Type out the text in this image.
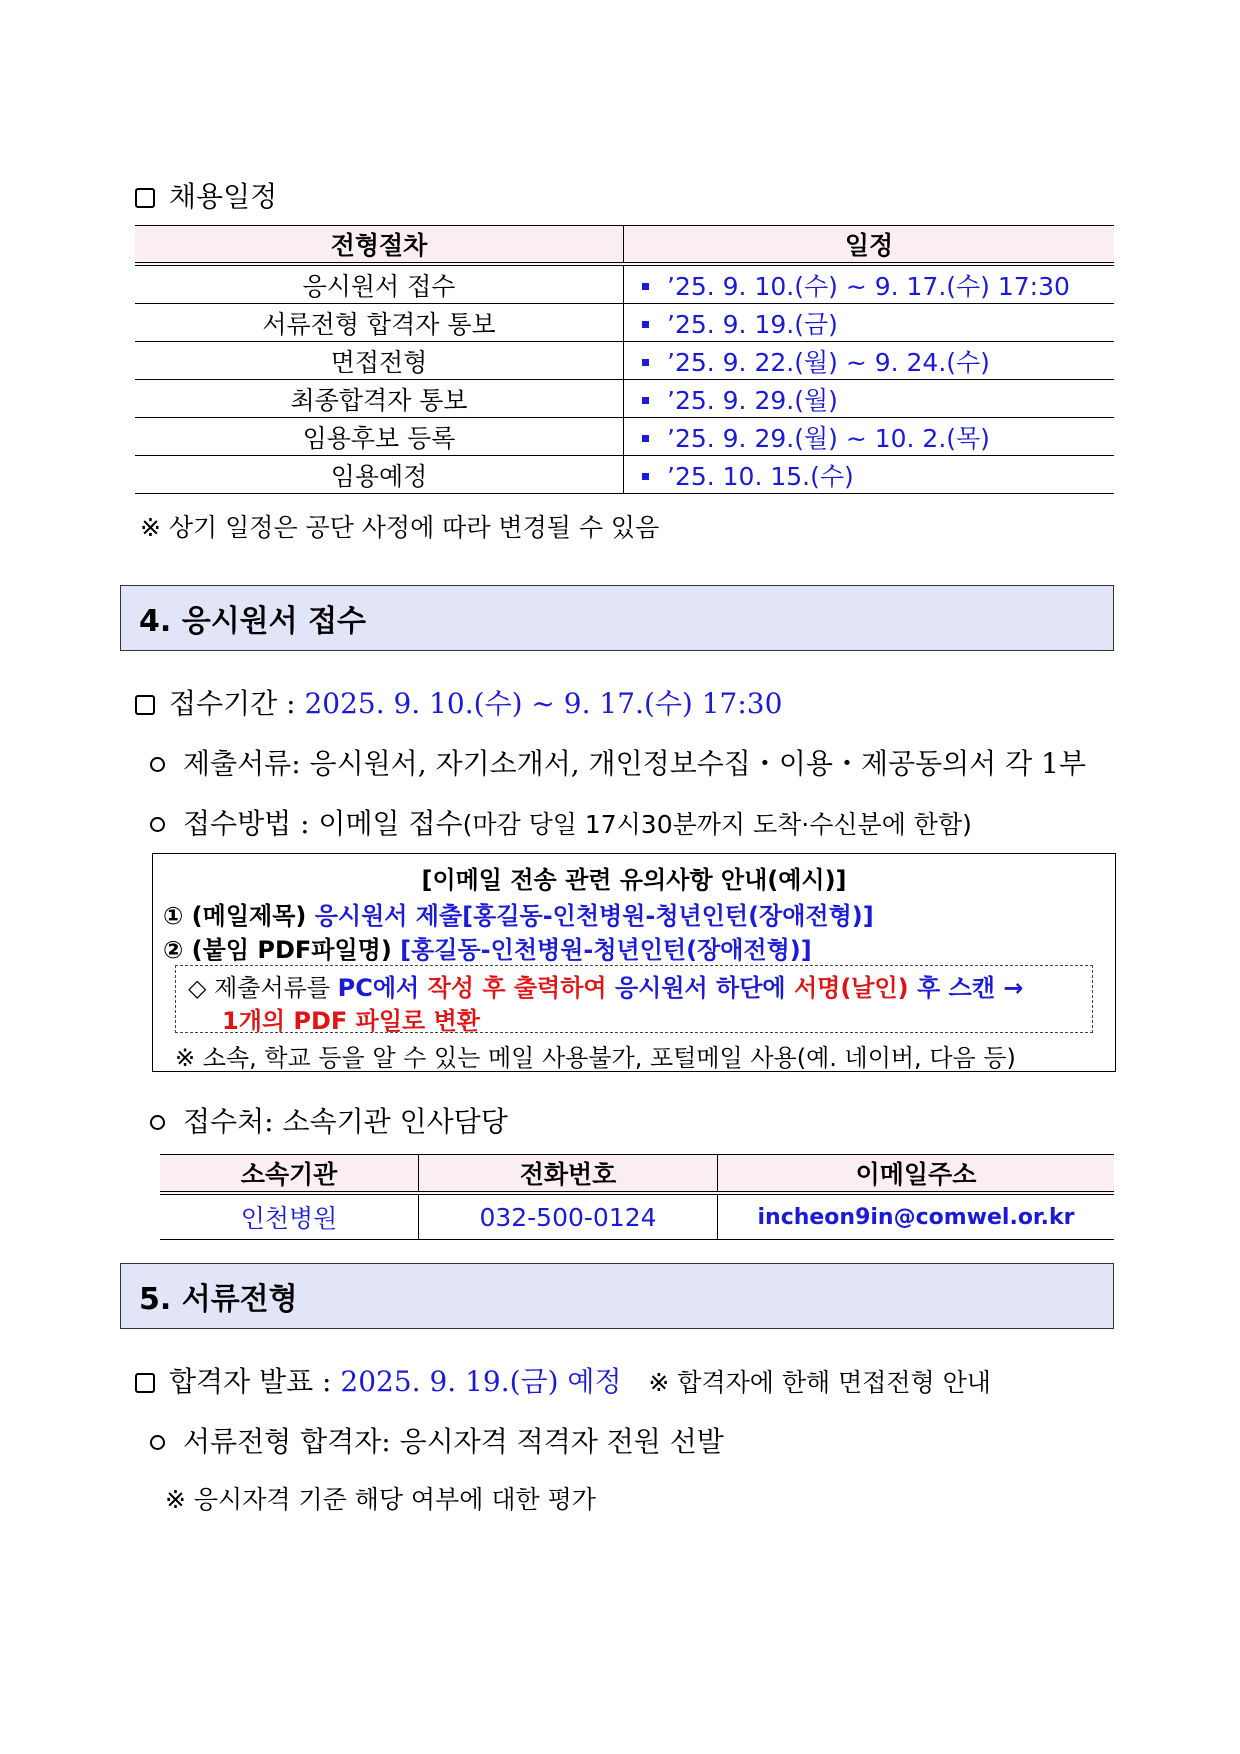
채용일정
전형절차	일정
응시원서 접수	’25. 9. 10.(수) ~ 9. 17.(수) 17:30
서류전형 합격자 통보	’25. 9. 19.(금)
면접전형	’25. 9. 22.(월) ~ 9. 24.(수)
최종합격자 통보	’25. 9. 29.(월)
임용후보 등록	’25. 9. 29.(월) ~ 10. 2.(목)
임용예정	’25. 10. 15.(수)
※ 상기 일정은 공단 사정에 따라 변경될 수 있음
4. 응시원서 접수
접수기간 : 2025. 9. 10.(수) ~ 9. 17.(수) 17:30
제출서류: 응시원서, 자기소개서, 개인정보수집・이용・제공동의서 각 1부
접수방법 : 이메일 접수(마감 당일 17시30분까지 도착·수신분에 한함)
[이메일 전송 관련 유의사항 안내(예시)]
① (메일제목) 응시원서 제출[홍길동-인천병원-청년인턴(장애전형)]
② (붙임 PDF파일명) [홍길동-인천병원-청년인턴(장애전형)]
◇ 제출서류를 PC에서 작성 후 출력하여 응시원서 하단에 서명(날인) 후 스캔 →
1개의 PDF 파일로 변환
※ 소속, 학교 등을 알 수 있는 메일 사용불가, 포털메일 사용(예. 네이버, 다음 등)
접수처: 소속기관 인사담당
소속기관	전화번호	이메일주소
인천병원	032-500-0124	incheon9in@comwel.or.kr
5. 서류전형
합격자 발표 : 2025. 9. 19.(금) 예정 ※ 합격자에 한해 면접전형 안내
서류전형 합격자: 응시자격 적격자 전원 선발
※ 응시자격 기준 해당 여부에 대한 평가
